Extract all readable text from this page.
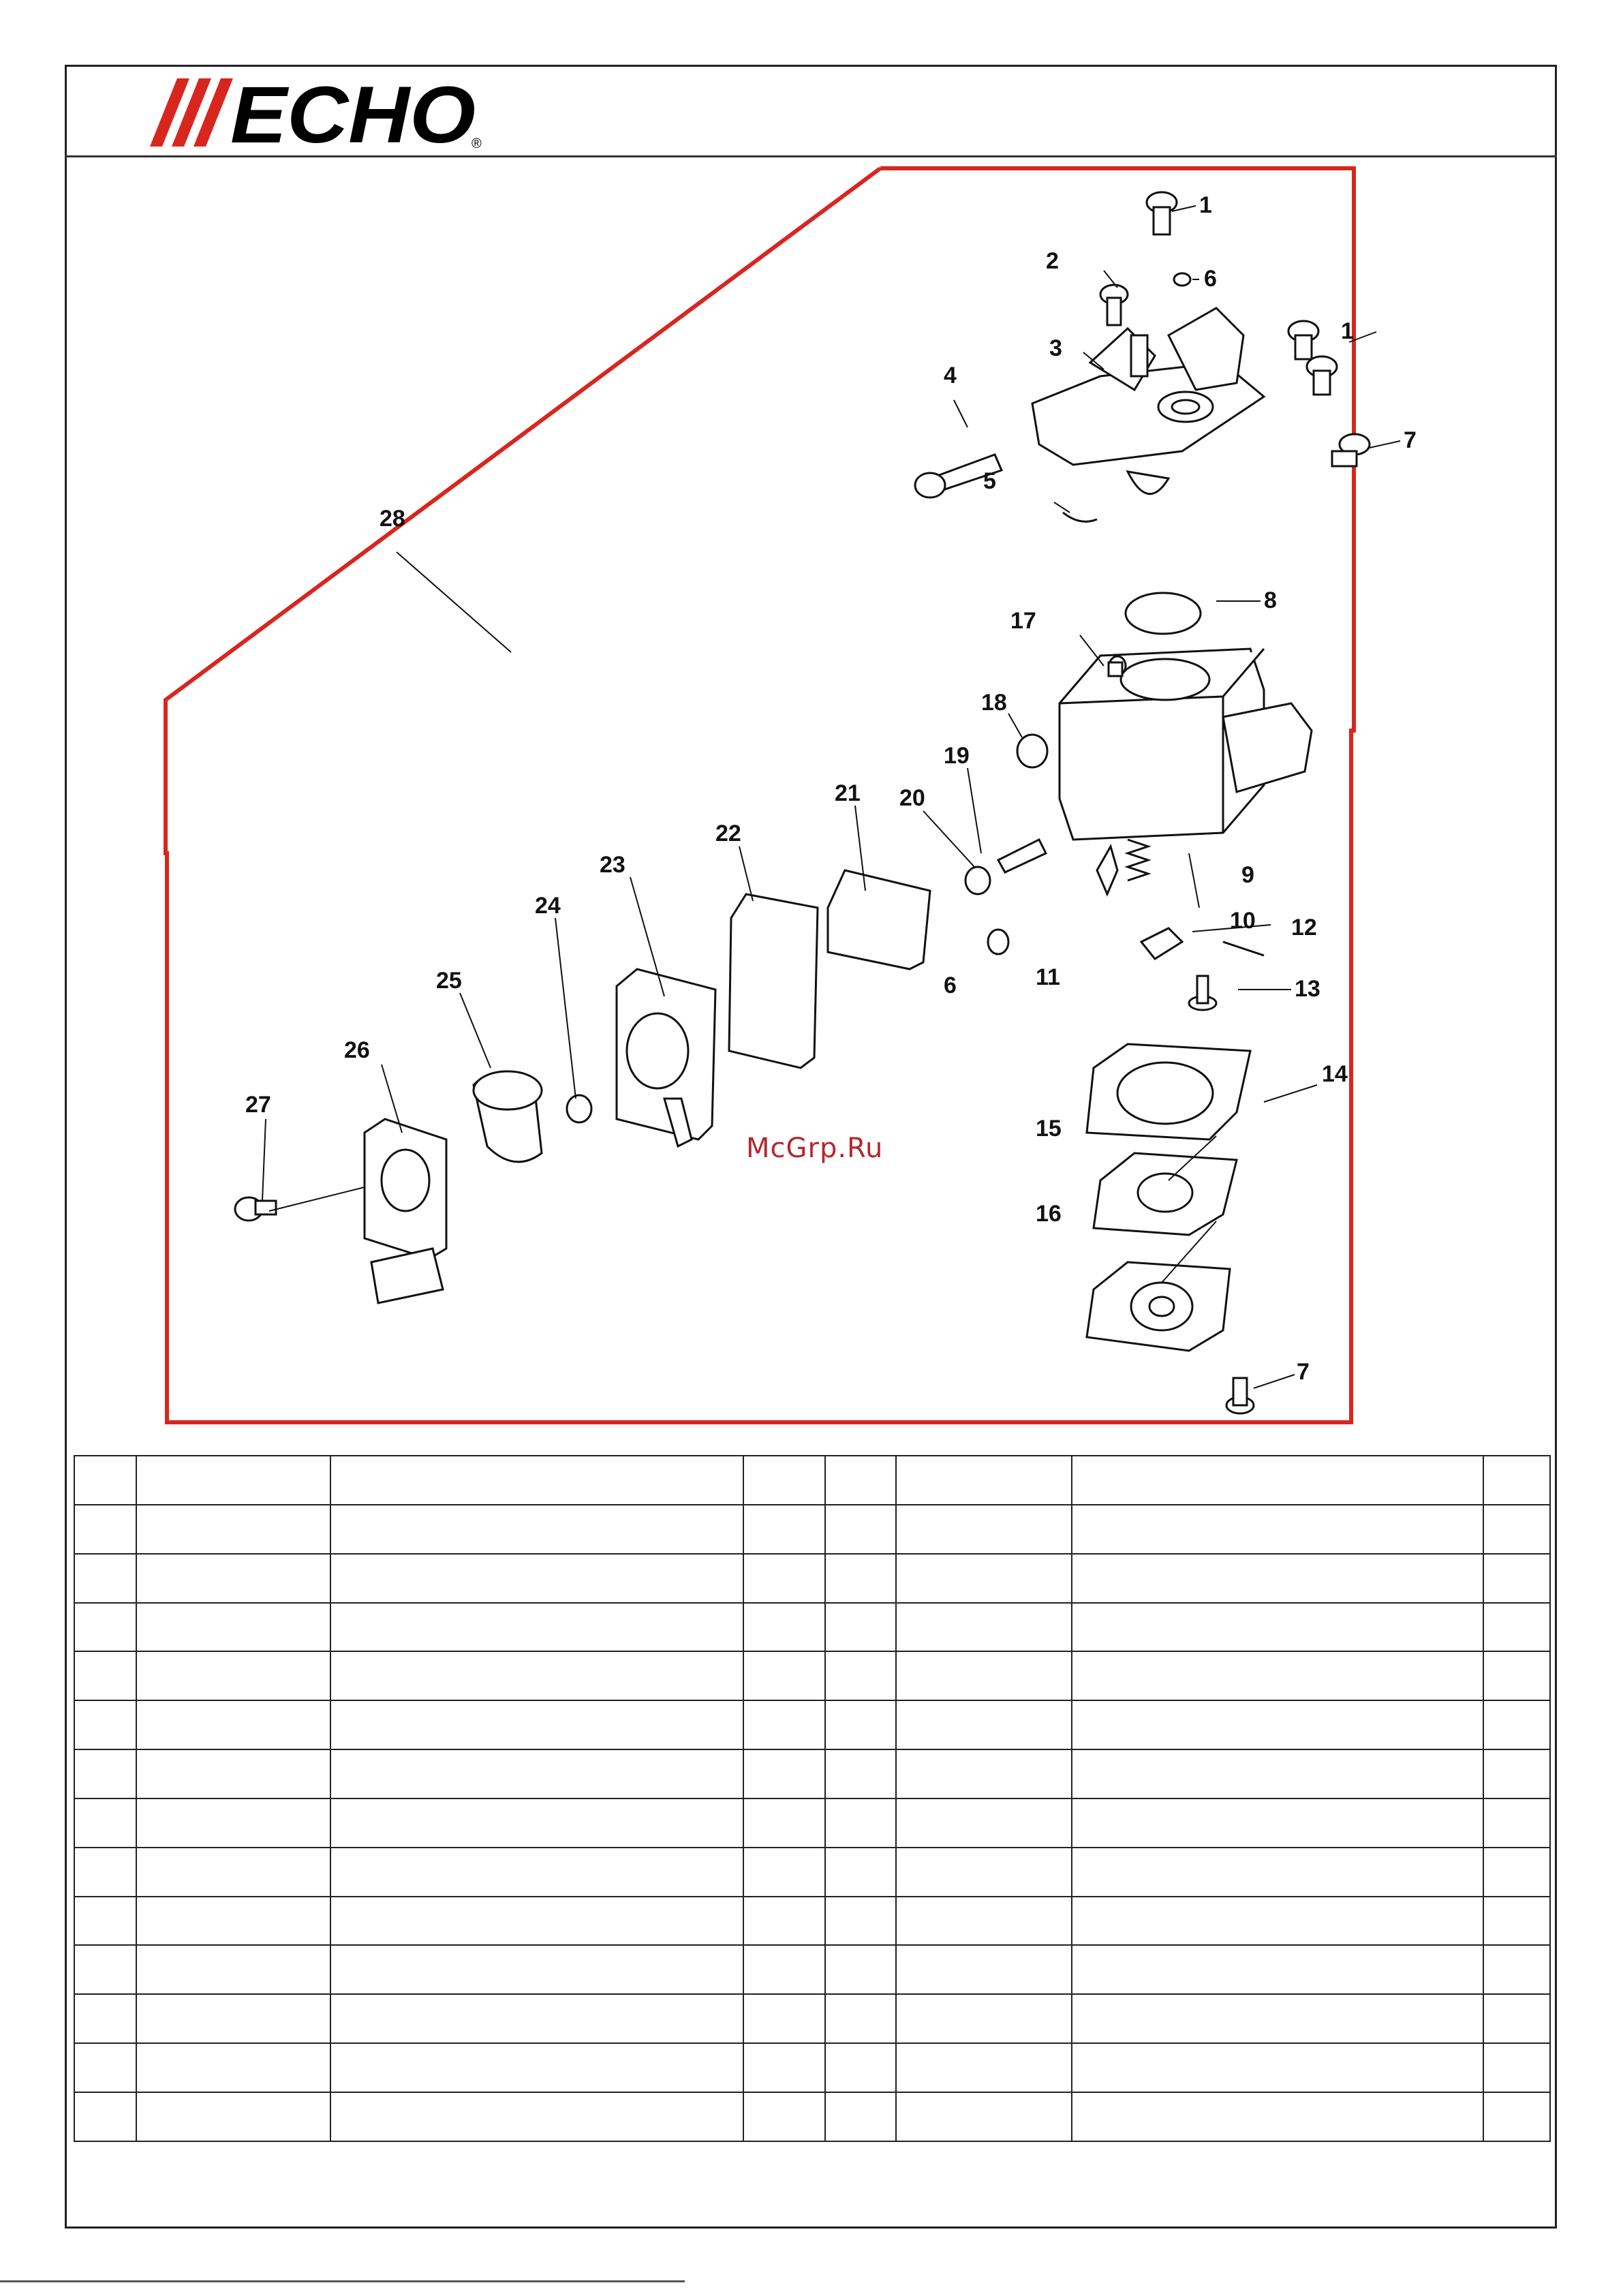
ECHO
®
1
1
2
3
4
5
6
6
7
7
8
9
10
11
12
13
14
15
16
17
18
19
20
21
22
23
24
25
26
27
28
McGrp.Ru
